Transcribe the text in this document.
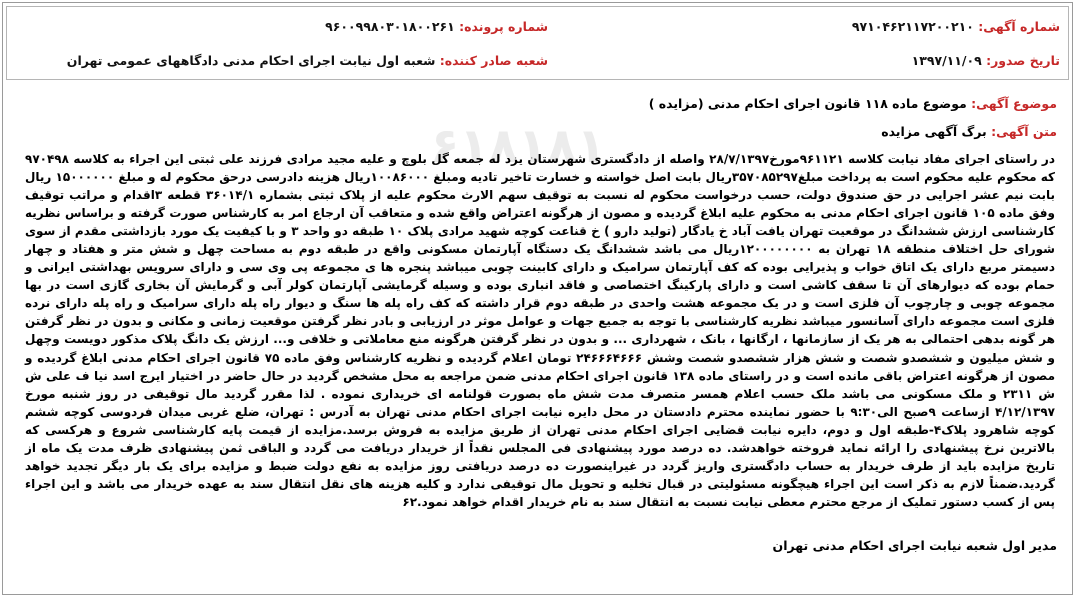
شماره آگهی: ۹۷۱۰۴۶۲۱۱۷۲۰۰۲۱۰
شماره پرونده: ۹۶۰۰۹۹۸۰۳۰۱۸۰۰۲۶۱
تاریخ صدور: ۱۳۹۷/۱۱/۰۹
شعبه صادر کننده: شعبه اول نیابت اجرای احکام مدنی دادگاههای عمومی تهران
۶۱۸۱۸۱
موضوع آگهی: موضوع ماده ۱۱۸ قانون اجرای احکام مدنی (مزایده )
متن آگهی: برگ آگهی مزایده

در راستای اجرای مفاد نیابت کلاسه ۹۶۱۱۲۱مورخ۲۸/۷/۱۳۹۷ واصله از دادگستری شهرستان یزد له جمعه گل بلوچ و علیه مجید مرادی فرزند علی ثبتی این اجراء به کلاسه ۹۷۰۴۹۸ که محکوم علیه محکوم است به پرداخت مبلغ۳۵۷۰۸۵۲۹۷ریال بابت اصل خواسته و خسارت تاخیر تادیه ومبلغ ۱۰۰۸۶۰۰۰ریال هزینه دادرسی درحق محکوم له و مبلغ ۱۵۰۰۰۰۰۰ ریال بابت نیم عشر اجرایی در حق صندوق دولت، حسب درخواست محکوم له نسبت به توقیف سهم الارث محکوم علیه از پلاک ثبتی بشماره ۳۶۰۱۴/۱ قطعه ۳اقدام و مراتب توقیف وفق ماده ۱۰۵ قانون اجرای احکام مدنی به محکوم علیه ابلاغ گردیده و مصون از هرگونه اعتراض واقع شده و متعاقب آن ارجاع امر به کارشناس صورت گرفته و براساس نظریه کارشناسی ارزش ششدانگ در موقعیت تهران یافت آباد خ یادگار (تولید دارو ) خ قناعت کوچه شهید مرادی پلاک ۱۰ طبقه دو واحد ۳ و با کیفیت یک مورد بازداشتی مقدم از سوی شورای حل اختلاف منطقه ۱۸ تهران به ۱۲۰۰۰۰۰۰۰۰ریال می باشد ششدانگ یک دستگاه آپارتمان مسکونی واقع در طبقه دوم به مساحت چهل و شش متر و هفتاد و چهار دسیمتر مربع دارای یک اتاق خواب و پذیرایی بوده که کف آپارتمان سرامیک و دارای کابینت چوبی میباشد پنجره ها ی مجموعه پی وی سی و دارای سرویس بهداشتی ایرانی و حمام بوده که دیوارهای آن تا سقف کاشی است و دارای پارکینگ اختصاصی و فاقد انباری بوده و وسیله گرمایشی آپارتمان کولر آبی و گرمایش آن بخاری گازی است در بها مجموعه چوبی و چارچوب آن فلزی است و در یک مجموعه هشت واحدی در طبقه دوم قرار داشته که کف راه پله ها سنگ و دیوار راه پله دارای سرامیک و راه پله دارای نرده فلزی است مجموعه دارای آسانسور میباشد نظریه کارشناسی با توجه به جمیع جهات و عوامل موثر در ارزیابی و بادر نظر گرفتن موقعیت زمانی و مکانی و بدون در نظر گرفتن هر گونه بدهی احتمالی به هر یک از سازمانها ، ارگانها ، بانک ، شهرداری ... و بدون در نظر گرفتن هرگونه منع معاملاتی و خلافی و... ارزش یک دانگ پلاک مذکور دویست وچهل و شش میلیون و ششصدو شصت و شش هزار ششصدو شصت وشش ۲۴۶۶۶۴۶۶۶ تومان اعلام گردیده و نظریه کارشناس وفق ماده ۷۵ قانون اجرای احکام مدنی ابلاغ گردیده و مصون از هرگونه اعتراض باقی مانده است و در راستای ماده ۱۳۸ قانون اجرای احکام مدنی ضمن مراجعه به محل مشخص گردید در حال حاضر در اختیار ایرج اسد نیا ف علی ش ش ۲۳۱۱ و ملک مسکونی می باشد ملک حسب اعلام همسر متصرف مدت شش ماه بصورت قولنامه ای خریداری نموده . لذا مقرر گردید مال توقیفی در روز شنبه مورخ ۴/۱۲/۱۳۹۷ ازساعت ۹صبح الی۹:۳۰ با حضور نماینده محترم دادستان در محل دایره نیابت اجرای احکام مدنی تهران به آدرس : تهران، ضلع غربی میدان فردوسی کوچه ششم کوچه شاهرود پلاک۴-طبقه اول و دوم، دایره نیابت قضایی اجرای احکام مدنی تهران از طریق مزایده به فروش برسد.مزایده از قیمت پایه کارشناسی شروع و هرکسی که بالاترین نرخ پیشنهادی را ارائه نماید فروخته خواهدشد. ده درصد مورد پیشنهادی فی المجلس نقداً از خریدار دریافت می گردد و الباقی ثمن پیشنهادی ظرف مدت یک ماه از تاریخ مزایده باید از طرف خریدار به حساب دادگستری واریز گردد در غیراینصورت ده درصد دریافتی روز مزایده به نفع دولت ضبط و مزایده برای یک بار دیگر تجدید خواهد گردید.ضمناً لازم به ذکر است این اجراء هیچگونه مسئولیتی در قبال تخلیه و تحویل مال توقیفی ندارد و کلیه هزینه های نقل انتقال سند به عهده خریدار می باشد و این اجراء پس از کسب دستور تملیک از مرجع محترم معطی نیابت نسبت به انتقال سند به نام خریدار اقدام خواهد نمود.۶۲

مدیر اول شعبه نیابت اجرای احکام مدنی تهران
